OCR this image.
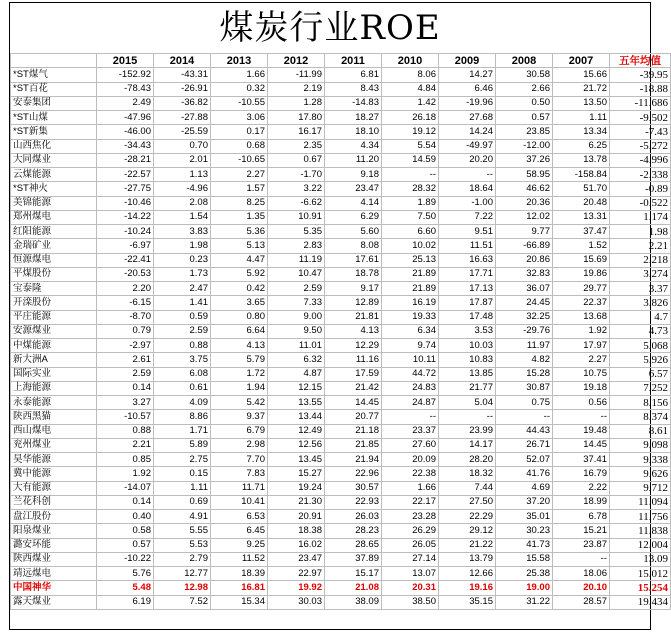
煤炭行业ROE
	2015	2014	2013	2012	2011	2010	2009	2008	2007	五年均值
*ST煤气	-152.92	-43.31	1.66	-11.99	6.81	8.06	14.27	30.58	15.66	-39.95
*ST百花	-78.43	-26.91	0.32	2.19	8.43	4.84	6.46	2.66	21.72	-18.88
安泰集团	2.49	-36.82	-10.55	1.28	-14.83	1.42	-19.96	0.50	13.50	-11.686
*ST山煤	-47.96	-27.88	3.06	17.80	18.27	26.18	27.68	0.57	1.11	-9.502
*ST新集	-46.00	-25.59	0.17	16.17	18.10	19.12	14.24	23.85	13.34	-7.43
山西焦化	-34.43	0.70	0.68	2.35	4.34	5.54	-49.97	-12.00	6.25	-5.272
大同煤业	-28.21	2.01	-10.65	0.67	11.20	14.59	20.20	37.26	13.78	-4.996
云煤能源	-22.57	1.13	2.27	-1.70	9.18	--	--	58.95	-158.84	-2.338
*ST神火	-27.75	-4.96	1.57	3.22	23.47	28.32	18.64	46.62	51.70	-0.89
美锦能源	-10.46	2.08	8.25	-6.62	4.14	1.89	-1.00	20.36	20.48	-0.522
郑州煤电	-14.22	1.54	1.35	10.91	6.29	7.50	7.22	12.02	13.31	1.174
红阳能源	-10.24	3.83	5.36	5.35	5.60	6.60	9.51	9.77	37.47	1.98
金瑞矿业	-6.97	1.98	5.13	2.83	8.08	10.02	11.51	-66.89	1.52	2.21
恒源煤电	-22.41	0.23	4.47	11.19	17.61	25.13	16.63	20.86	15.69	2.218
平煤股份	-20.53	1.73	5.92	10.47	18.78	21.89	17.71	32.83	19.86	3.274
宝泰隆	2.20	2.47	0.42	2.59	9.17	21.89	17.13	36.07	29.77	3.37
开滦股份	-6.15	1.41	3.65	7.33	12.89	16.19	17.87	24.45	22.37	3.826
平庄能源	-8.70	0.59	0.80	9.00	21.81	19.33	17.48	32.25	13.68	4.7
安源煤业	0.79	2.59	6.64	9.50	4.13	6.34	3.53	-29.76	1.92	4.73
中煤能源	-2.97	0.88	4.13	11.01	12.29	9.74	10.03	11.97	17.97	5.068
新大洲A	2.61	3.75	5.79	6.32	11.16	10.11	10.83	4.82	2.27	5.926
国际实业	2.59	6.08	1.72	4.87	17.59	44.72	13.85	15.28	10.75	6.57
上海能源	0.14	0.61	1.94	12.15	21.42	24.83	21.77	30.87	19.18	7.252
永泰能源	3.27	4.09	5.42	13.55	14.45	24.87	5.04	0.75	0.56	8.156
陕西黑猫	-10.57	8.86	9.37	13.44	20.77	--	--	--	--	8.374
西山煤电	0.88	1.71	6.79	12.49	21.18	23.37	23.99	44.43	19.48	8.61
兖州煤业	2.21	5.89	2.98	12.56	21.85	27.60	14.17	26.71	14.45	9.098
昊华能源	0.85	2.75	7.70	13.45	21.94	20.09	28.20	52.07	37.41	9.338
冀中能源	1.92	0.15	7.83	15.27	22.96	22.38	18.32	41.76	16.79	9.626
大有能源	-14.07	1.11	11.71	19.24	30.57	1.66	7.44	4.69	2.22	9.712
兰花科创	0.14	0.69	10.41	21.30	22.93	22.17	27.50	37.20	18.99	11.094
盘江股份	0.40	4.91	6.53	20.91	26.03	23.28	22.29	35.01	6.78	11.756
阳泉煤业	0.58	5.55	6.45	18.38	28.23	26.29	29.12	30.23	15.21	11.838
潞安环能	0.57	5.53	9.25	16.02	28.65	26.05	21.22	41.73	23.87	12.004
陕西煤业	-10.22	2.79	11.52	23.47	37.89	27.14	13.79	15.58	--	13.09
靖远煤电	5.76	12.77	18.39	22.97	15.17	13.07	12.66	25.38	18.06	15.012
中国神华	5.48	12.98	16.81	19.92	21.08	20.31	19.16	19.00	20.10	15.254
露天煤业	6.19	7.52	15.34	30.03	38.09	38.50	35.15	31.22	28.57	19.434
